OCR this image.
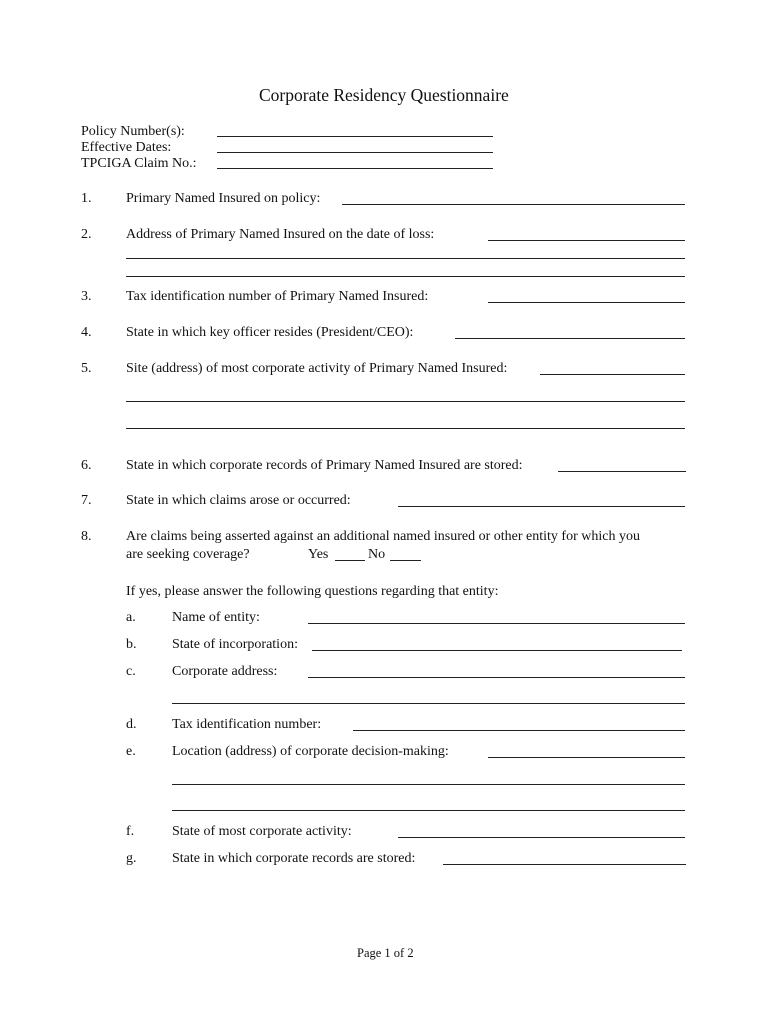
Corporate Residency Questionnaire
Policy Number(s):
Effective Dates:
TPCIGA Claim No.:
1. Primary Named Insured on policy:
2. Address of Primary Named Insured on the date of loss:
3. Tax identification number of Primary Named Insured:
4. State in which key officer resides (President/CEO):
5. Site (address) of most corporate activity of Primary Named Insured:
6. State in which corporate records of Primary Named Insured are stored:
7. State in which claims arose or occurred:
8. Are claims being asserted against an additional named insured or other entity for which you
are seeking coverage?	Yes	No
If yes, please answer the following questions regarding that entity:
a.	Name of entity:
b.	State of incorporation:
c.	Corporate address:
d.	Tax identification number:
e.	Location (address) of corporate decision-making:
f.	State of most corporate activity:
g.	State in which corporate records are stored:
Page 1 of 2
